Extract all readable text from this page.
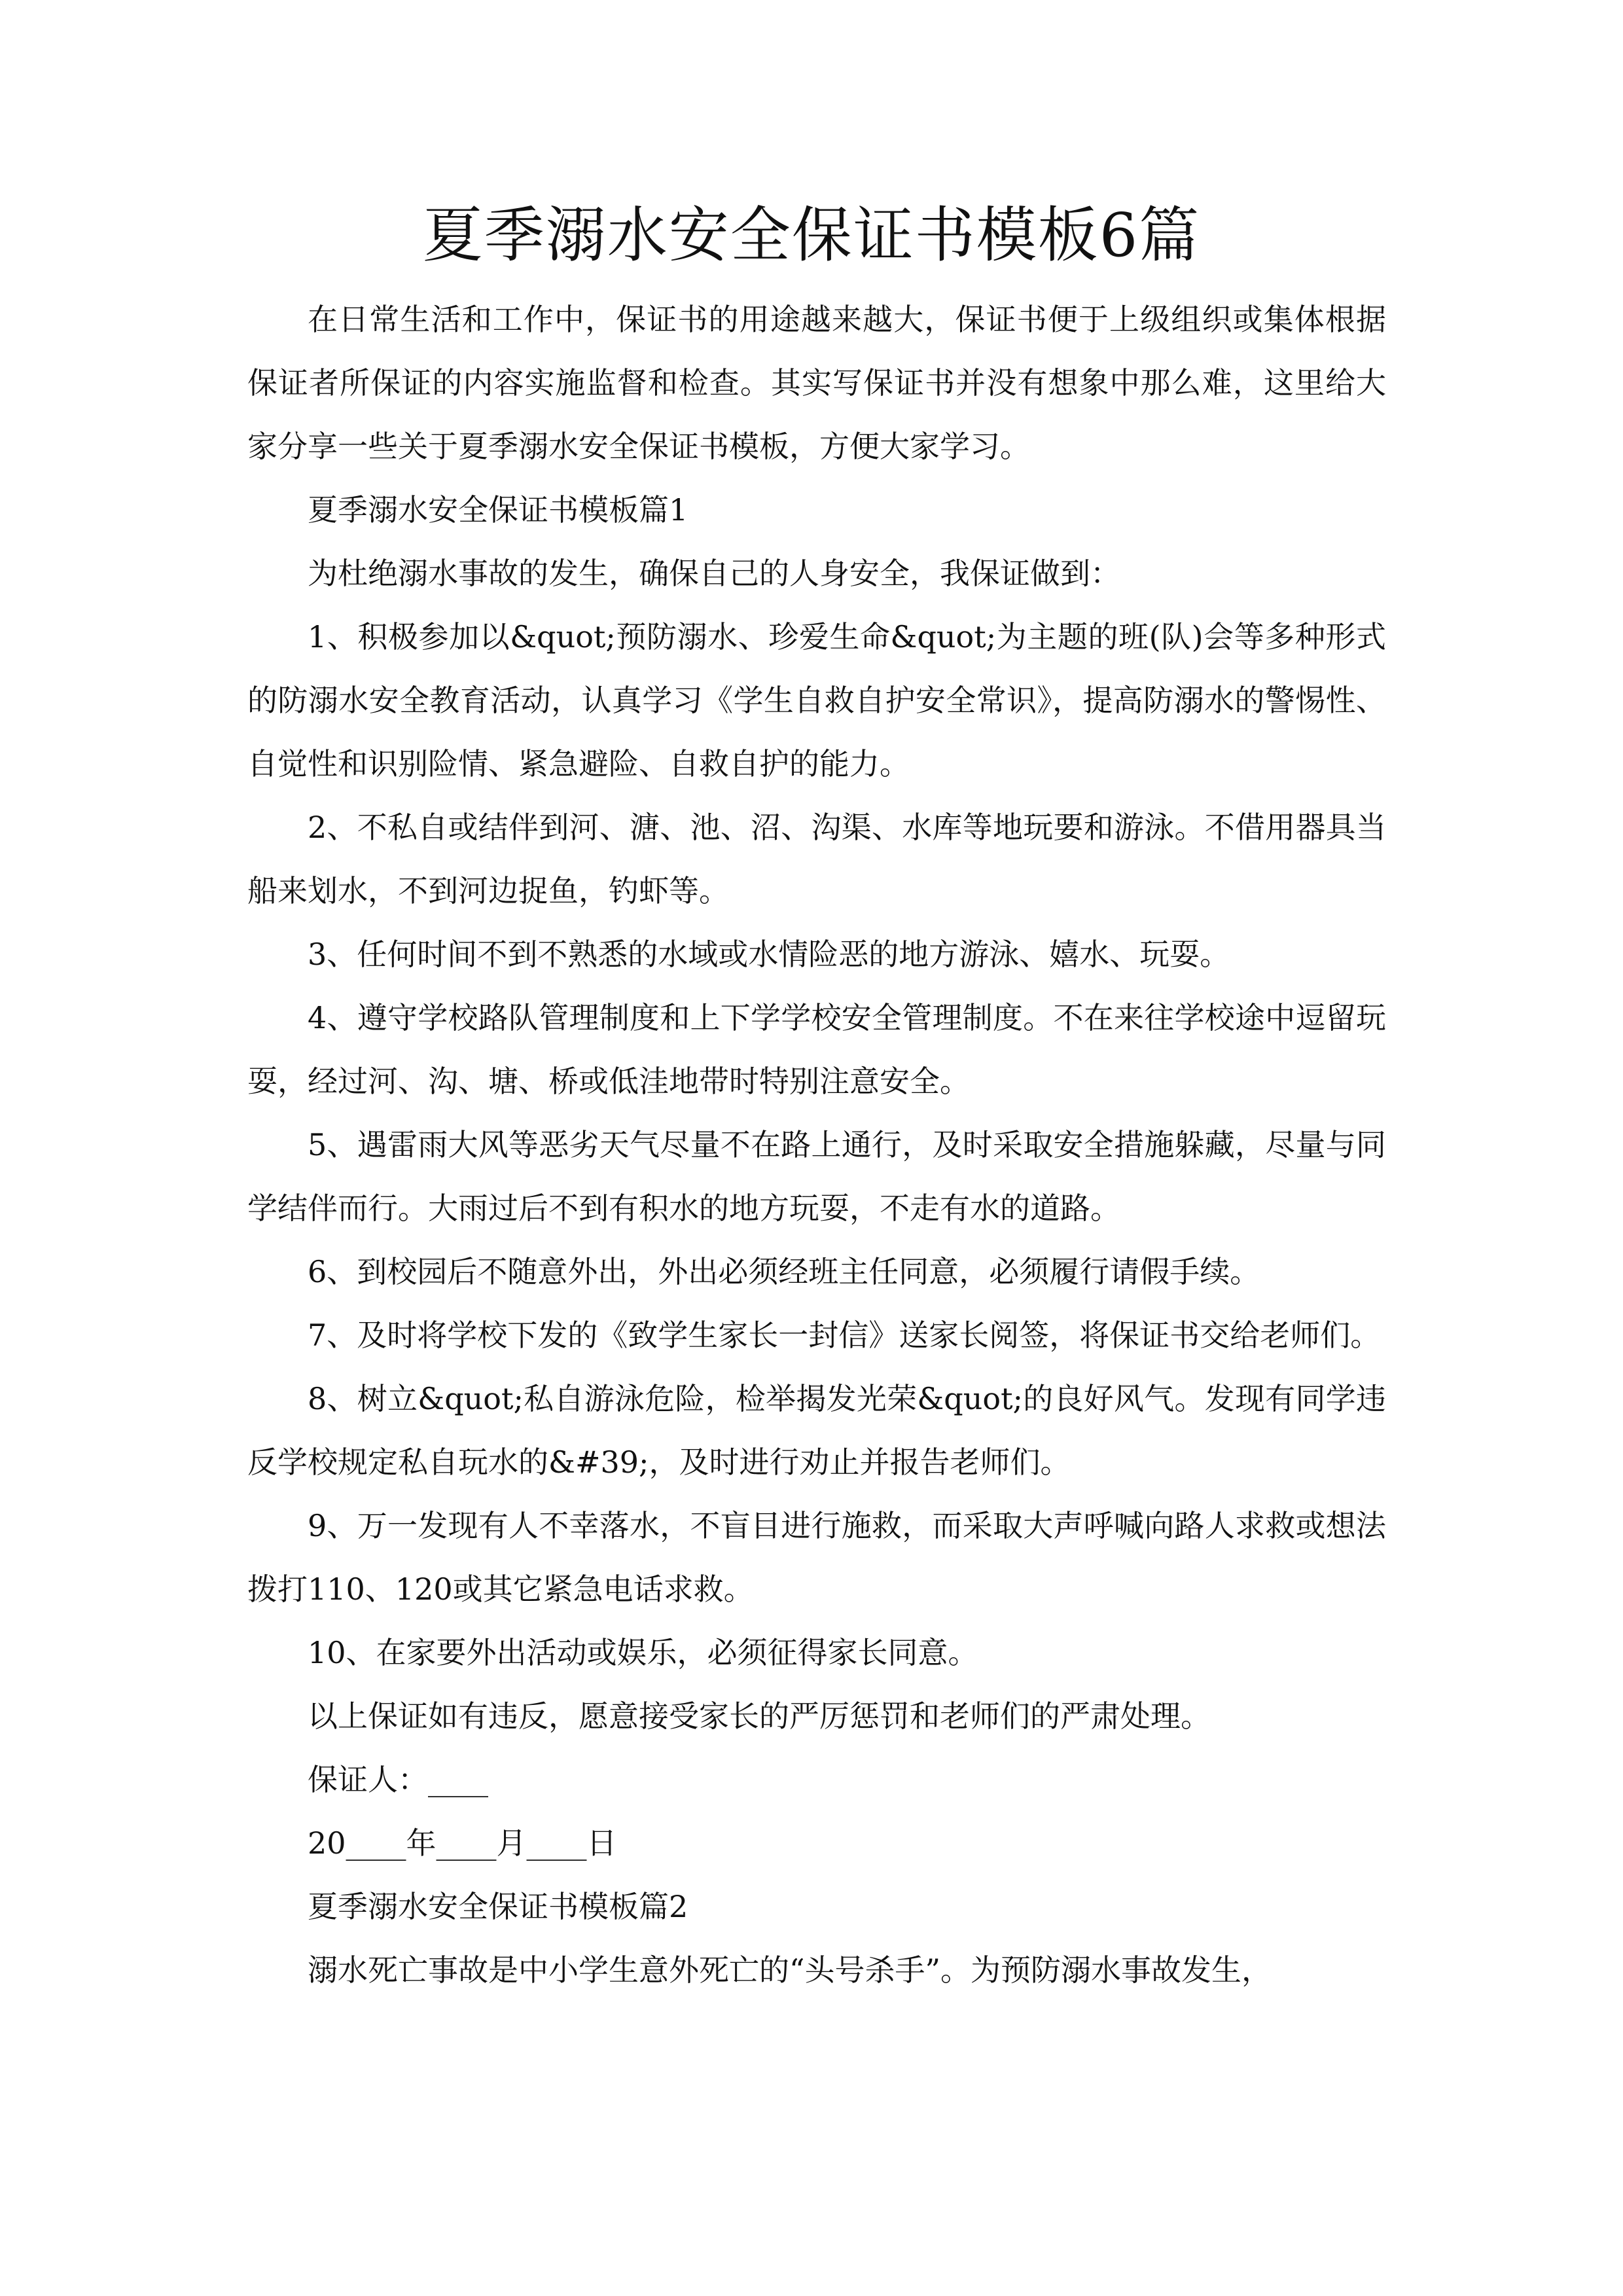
夏季溺水安全保证书模板6篇

在日常生活和工作中，保证书的用途越来越大，保证书便于上级组织或集体根据保证者所保证的内容实施监督和检查。其实写保证书并没有想象中那么难，这里给大家分享一些关于夏季溺水安全保证书模板，方便大家学习。

夏季溺水安全保证书模板篇1

为杜绝溺水事故的发生，确保自己的人身安全，我保证做到：

1、积极参加以&quot;预防溺水、珍爱生命&quot;为主题的班(队)会等多种形式的防溺水安全教育活动，认真学习《学生自救自护安全常识》，提高防溺水的警惕性、自觉性和识别险情、紧急避险、自救自护的能力。

2、不私自或结伴到河、溏、池、沼、沟渠、水库等地玩要和游泳。不借用器具当船来划水，不到河边捉鱼，钓虾等。

3、任何时间不到不熟悉的水域或水情险恶的地方游泳、嬉水、玩耍。

4、遵守学校路队管理制度和上下学学校安全管理制度。不在来往学校途中逗留玩耍，经过河、沟、塘、桥或低洼地带时特别注意安全。

5、遇雷雨大风等恶劣天气尽量不在路上通行，及时采取安全措施躲藏，尽量与同学结伴而行。大雨过后不到有积水的地方玩耍，不走有水的道路。

6、到校园后不随意外出，外出必须经班主任同意，必须履行请假手续。

7、及时将学校下发的《致学生家长一封信》送家长阅签，将保证书交给老师们。

8、树立&quot;私自游泳危险，检举揭发光荣&quot;的良好风气。发现有同学违反学校规定私自玩水的&#39;，及时进行劝止并报告老师们。

9、万一发现有人不幸落水，不盲目进行施救，而采取大声呼喊向路人求救或想法拨打110、120或其它紧急电话求救。

10、在家要外出活动或娱乐，必须征得家长同意。

以上保证如有违反，愿意接受家长的严厉惩罚和老师们的严肃处理。

保证人：____

20____年____月____日

夏季溺水安全保证书模板篇2

溺水死亡事故是中小学生意外死亡的“头号杀手”。为预防溺水事故发生，
